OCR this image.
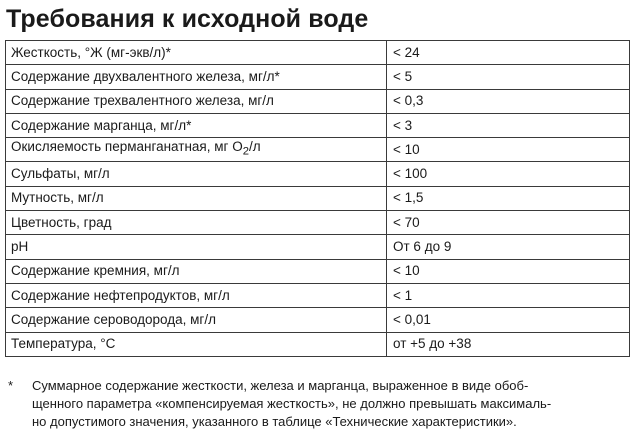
Требования к исходной воде
Жесткость, °Ж (мг-экв/л)*	< 24
Содержание двухвалентного железа, мг/л*	< 5
Содержание трехвалентного железа, мг/л	< 0,3
Содержание марганца, мг/л*	< 3
Окисляемость перманганатная, мг $O_2/л$	< 10
Сульфаты, мг/л	< 100
Мутность, мг/л	< 1,5
Цветность, град	< 70
pH	От 6 до 9
Содержание кремния, мг/л	< 10
Содержание нефтепродуктов, мг/л	< 1
Содержание сероводорода, мг/л	< 0,01
Температура, °С	от +5 до +38
*	Суммарное содержание жесткости, железа и марганца, выраженное в виде обоб-
щенного параметра «компенсируемая жесткость», не должно превышать максималь-
но допустимого значения, указанного в таблице «Технические характеристики».
